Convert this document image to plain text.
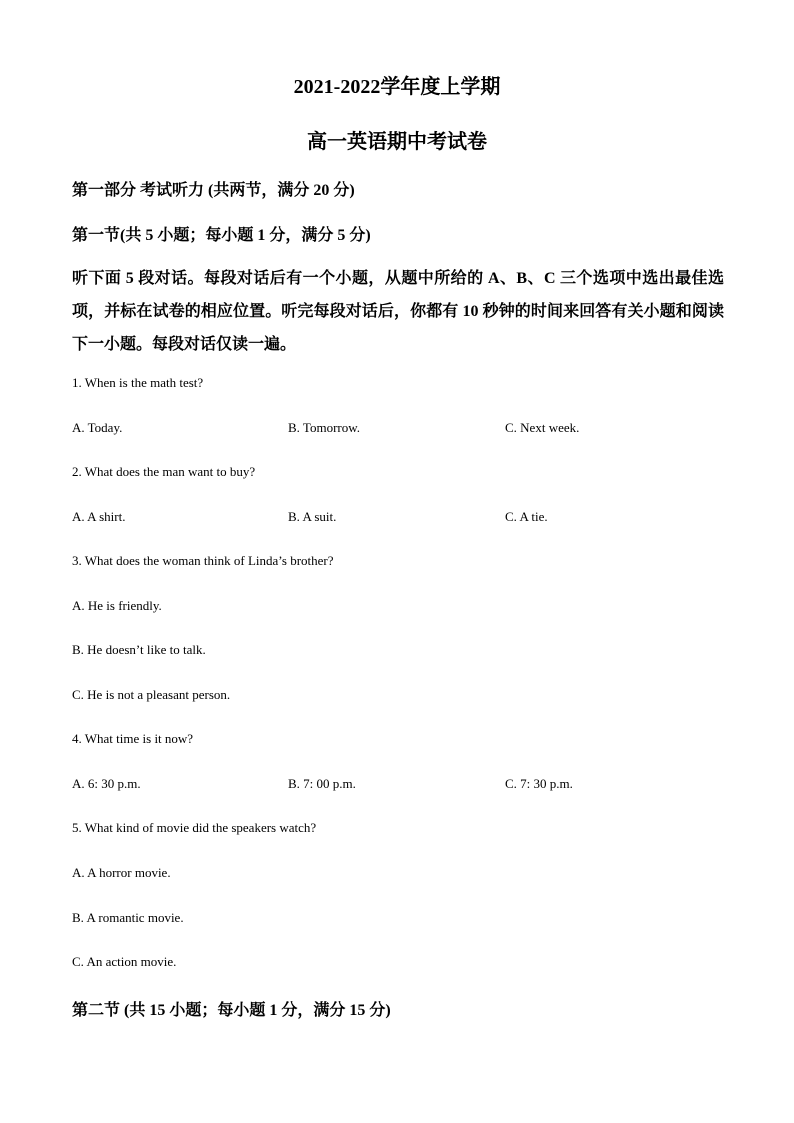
2021-2022学年度上学期
高一英语期中考试卷
第一部分 考试听力 (共两节，满分 20 分)
第一节(共 5 小题；每小题 1 分，满分 5 分)
听下面 5 段对话。每段对话后有一个小题，从题中所给的 A、B、C 三个选项中选出最佳选项，并标在试卷的相应位置。听完每段对话后，你都有 10 秒钟的时间来回答有关小题和阅读下一小题。每段对话仅读一遍。
1. When is the math test?
A. Today.	B. Tomorrow.	C. Next week.
2. What does the man want to buy?
A. A shirt.	B. A suit.	C. A tie.
3. What does the woman think of Linda’s brother?
A. He is friendly.
B. He doesn’t like to talk.
C. He is not a pleasant person.
4. What time is it now?
A. 6: 30 p.m.	B. 7: 00 p.m.	C. 7: 30 p.m.
5. What kind of movie did the speakers watch?
A. A horror movie.
B. A romantic movie.
C. An action movie.
第二节 (共 15 小题；每小题 1 分，满分 15 分)
